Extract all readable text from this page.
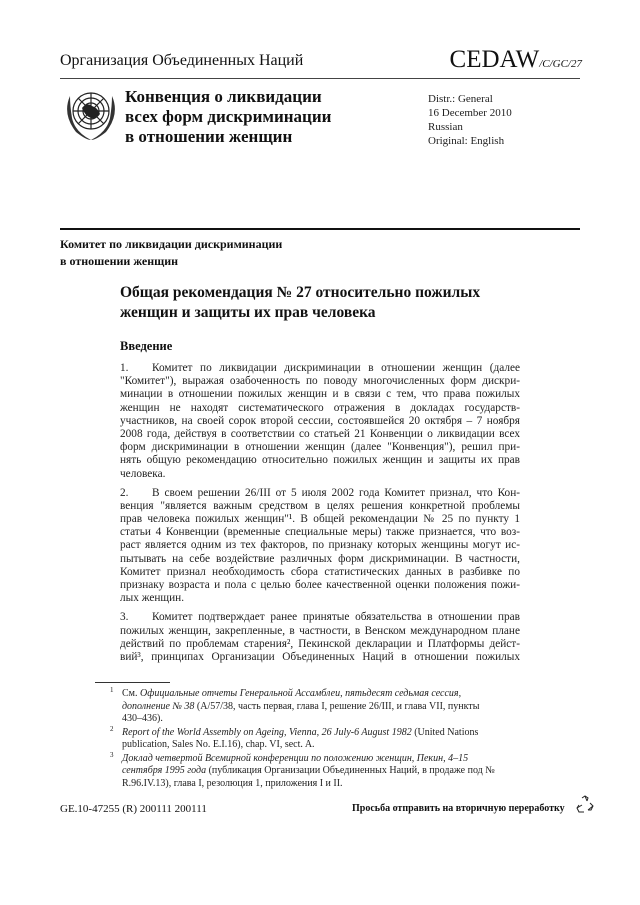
Организация Объединенных Наций	CEDAW/C/GC/27
Конвенция о ликвидации
всех форм дискриминации
в отношении женщин
Distr.: General
16 December 2010
Russian
Original: English
Комитет по ликвидации дискриминации
в отношении женщин
Общая рекомендация № 27 относительно пожилых
женщин и защиты их прав человека
Введение
1. Комитет по ликвидации дискриминации в отношении женщин (далее
"Комитет"), выражая озабоченность по поводу многочисленных форм дискри-
минации в отношении пожилых женщин и в связи с тем, что права пожилых
женщин не находят систематического отражения в докладах государств-
участников, на своей сорок второй сессии, состоявшейся 20 октября – 7 ноября
2008 года, действуя в соответствии со статьей 21 Конвенции о ликвидации всех
форм дискриминации в отношении женщин (далее "Конвенция"), решил при-
нять общую рекомендацию относительно пожилых женщин и защиты их прав
человека.
2. В своем решении 26/III от 5 июля 2002 года Комитет признал, что Кон-
венция "является важным средством в целях решения конкретной проблемы
прав человека пожилых женщин"¹. В общей рекомендации № 25 по пункту 1
статьи 4 Конвенции (временные специальные меры) также признается, что воз-
раст является одним из тех факторов, по признаку которых женщины могут ис-
пытывать на себе воздействие различных форм дискриминации. В частности,
Комитет признал необходимость сбора статистических данных в разбивке по
признаку возраста и пола с целью более качественной оценки положения пожи-
лых женщин.
3. Комитет подтверждает ранее принятые обязательства в отношении прав
пожилых женщин, закрепленные, в частности, в Венском международном плане
действий по проблемам старения², Пекинской декларации и Платформы дейст-
вий³, принципах Организации Объединенных Наций в отношении пожилых
1 См. Официальные отчеты Генеральной Ассамблеи, пятьдесят седьмая сессия, дополнение № 38 (A/57/38, часть первая, глава I, решение 26/III, и глава VII, пункты 430–436).
2 Report of the World Assembly on Ageing, Vienna, 26 July-6 August 1982 (United Nations publication, Sales No. E.I.16), chap. VI, sect. A.
3 Доклад четвертой Всемирной конференции по положению женщин, Пекин, 4–15 сентября 1995 года (публикация Организации Объединенных Наций, в продаже под № R.96.IV.13), глава I, резолюция 1, приложения I и II.
GE.10-47255 (R) 200111 200111	Просьба отправить на вторичную переработку
